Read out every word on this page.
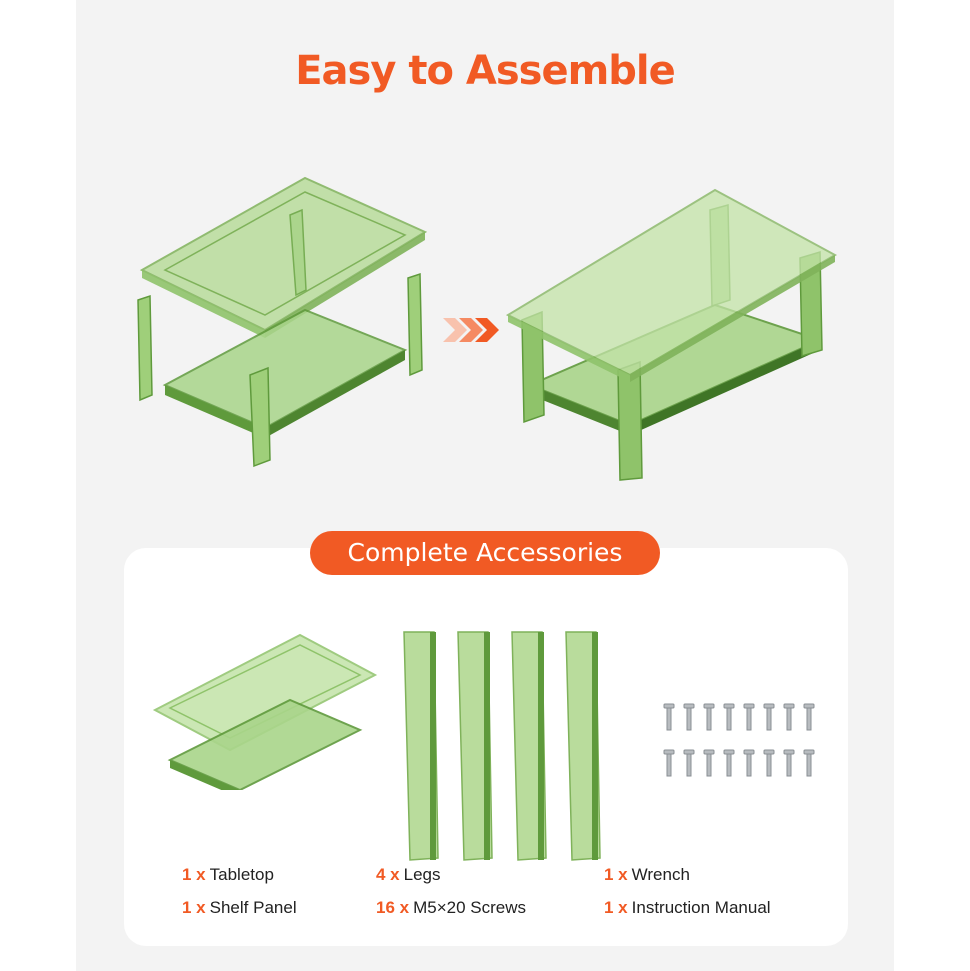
Easy to Assemble
Complete Accessories
1 x Tabletop
1 x Shelf Panel
4 x Legs
16 x M5×20 Screws
1 x Wrench
1 x Instruction Manual
